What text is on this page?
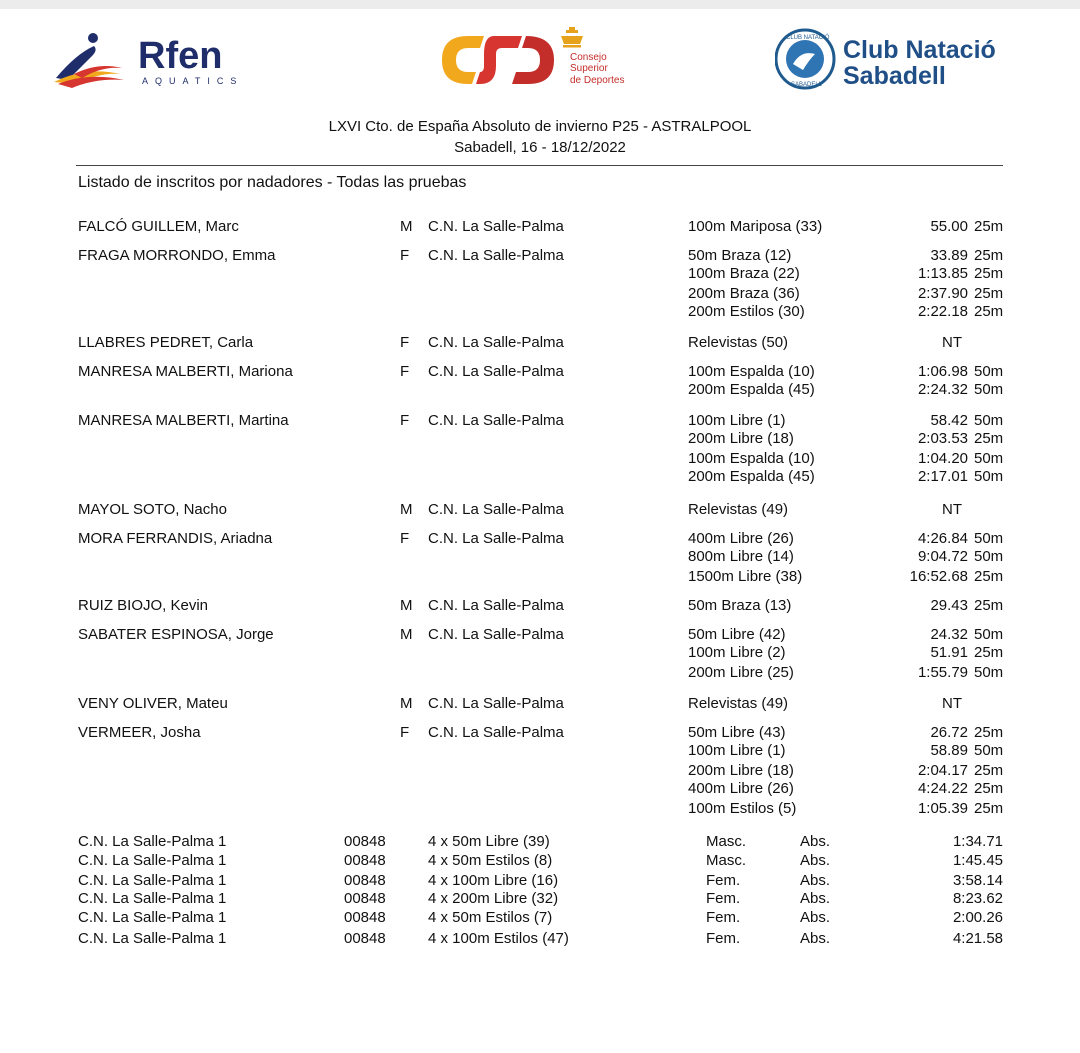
Rfen
AQUATICS
Consejo
Superior
de Deportes
CLUB NATACIÓ
SABADELL
Club Natació
Sabadell
LXVI Cto. de España Absoluto de invierno P25 - ASTRALPOOL
Sabadell, 16 - 18/12/2022
Listado de inscritos por nadadores - Todas las pruebas
FALCÓ GUILLEM, Marc	M C.N. La Salle-Palma	100m Mariposa (33)	55.00 25m
FRAGA MORRONDO, Emma	F C.N. La Salle-Palma	50m Braza (12)	33.89 25m
100m Braza (22)	1:13.85 25m
200m Braza (36)	2:37.90 25m
200m Estilos (30)	2:22.18 25m
LLABRES PEDRET, Carla	F C.N. La Salle-Palma	Relevistas (50)	NT
MANRESA MALBERTI, Mariona	F C.N. La Salle-Palma	100m Espalda (10)	1:06.98 50m
200m Espalda (45)	2:24.32 50m
MANRESA MALBERTI, Martina	F C.N. La Salle-Palma	100m Libre (1)	58.42 50m
200m Libre (18)	2:03.53 25m
100m Espalda (10)	1:04.20 50m
200m Espalda (45)	2:17.01 50m
MAYOL SOTO, Nacho	M C.N. La Salle-Palma	Relevistas (49)	NT
MORA FERRANDIS, Ariadna	F C.N. La Salle-Palma	400m Libre (26)	4:26.84 50m
800m Libre (14)	9:04.72 50m
1500m Libre (38)	16:52.68 25m
RUIZ BIOJO, Kevin	M C.N. La Salle-Palma	50m Braza (13)	29.43 25m
SABATER ESPINOSA, Jorge	M C.N. La Salle-Palma	50m Libre (42)	24.32 50m
100m Libre (2)	51.91 25m
200m Libre (25)	1:55.79 50m
VENY OLIVER, Mateu	M C.N. La Salle-Palma	Relevistas (49)	NT
VERMEER, Josha	F C.N. La Salle-Palma	50m Libre (43)	26.72 25m
100m Libre (1)	58.89 50m
200m Libre (18)	2:04.17 25m
400m Libre (26)	4:24.22 25m
100m Estilos (5)	1:05.39 25m
C.N. La Salle-Palma 1	00848	4 x 50m Libre (39)	Masc.	Abs.	1:34.71
C.N. La Salle-Palma 1	00848	4 x 50m Estilos (8)	Masc.	Abs.	1:45.45
C.N. La Salle-Palma 1	00848	4 x 100m Libre (16)	Fem.	Abs.	3:58.14
C.N. La Salle-Palma 1	00848	4 x 200m Libre (32)	Fem.	Abs.	8:23.62
C.N. La Salle-Palma 1	00848	4 x 50m Estilos (7)	Fem.	Abs.	2:00.26
C.N. La Salle-Palma 1	00848	4 x 100m Estilos (47)	Fem.	Abs.	4:21.58
